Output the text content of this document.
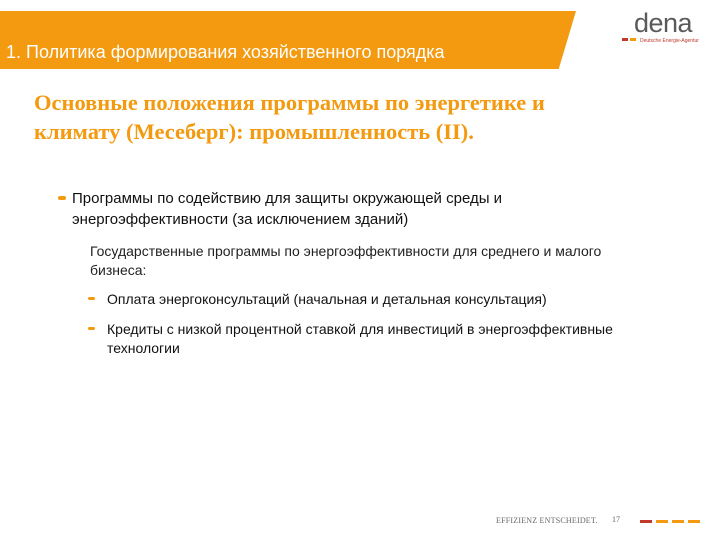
1. Политика формирования хозяйственного порядка
dena
Deutsche Energie-Agentur
Основные положения программы по энергетике и климату (Месеберг): промышленность (II).
Программы по содействию для защиты окружающей среды и энергоэффективности (за исключением зданий)
Государственные программы по энергоэффективности для среднего и малого бизнеса:
Оплата энергоконсультаций (начальная и детальная консультация)
Кредиты с низкой процентной ставкой для инвестиций в энергоэффективные технологии
EFFIZIENZ ENTSCHEIDET. 17
